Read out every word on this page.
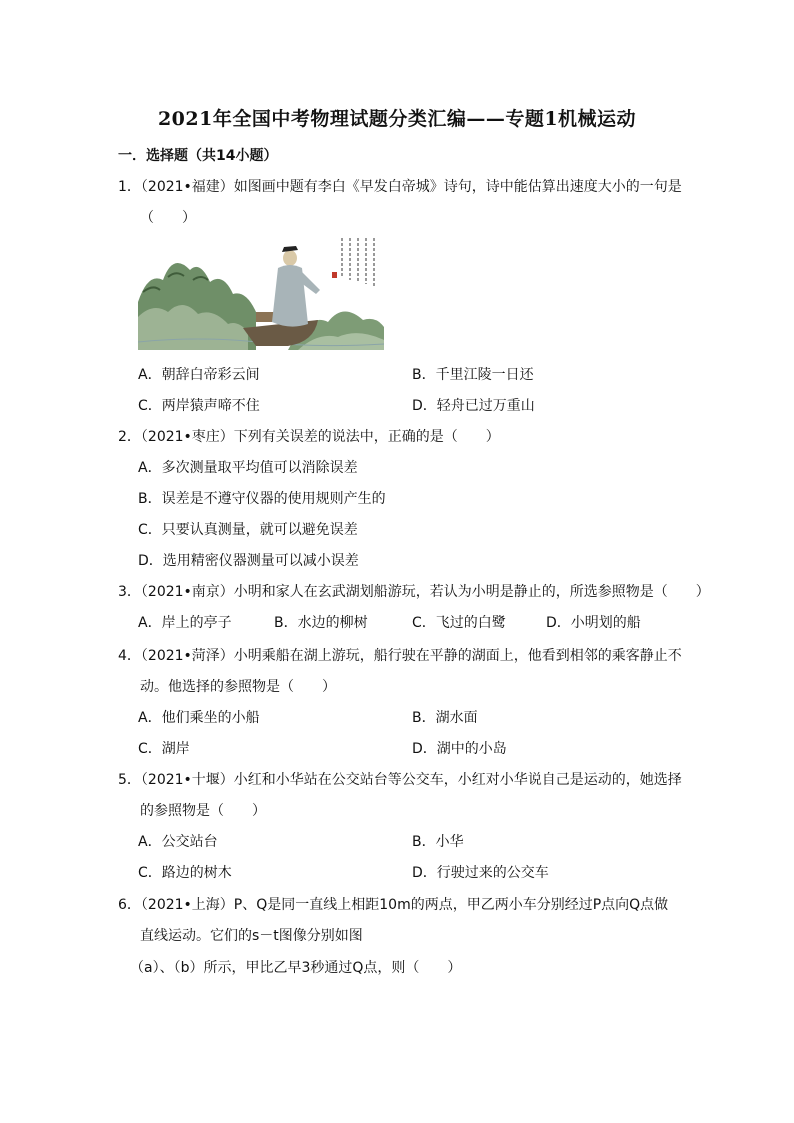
2021年全国中考物理试题分类汇编——专题1机械运动
一．选择题（共14小题）
1．（2021•福建）如图画中题有李白《早发白帝城》诗句，诗中能估算出速度大小的一句是
（　　）
A．朝辞白帝彩云间	B．千里江陵一日还
C．两岸猿声啼不住	D．轻舟已过万重山
2．（2021•枣庄）下列有关误差的说法中，正确的是（　　）
A．多次测量取平均值可以消除误差
B．误差是不遵守仪器的使用规则产生的
C．只要认真测量，就可以避免误差
D．选用精密仪器测量可以减小误差
3．（2021•南京）小明和家人在玄武湖划船游玩，若认为小明是静止的，所选参照物是（　　）
A．岸上的亭子	B．水边的柳树	C．飞过的白鹭	D．小明划的船
4．（2021•菏泽）小明乘船在湖上游玩，船行驶在平静的湖面上，他看到相邻的乘客静止不
动。他选择的参照物是（　　）
A．他们乘坐的小船	B．湖水面
C．湖岸	D．湖中的小岛
5．（2021•十堰）小红和小华站在公交站台等公交车，小红对小华说自己是运动的，她选择
的参照物是（　　）
A．公交站台	B．小华
C．路边的树木	D．行驶过来的公交车
6．（2021•上海）P、Q是同一直线上相距10m的两点，甲乙两小车分别经过P点向Q点做
直线运动。它们的s－t图像分别如图
（a）、（b）所示，甲比乙早3秒通过Q点，则（　　）
